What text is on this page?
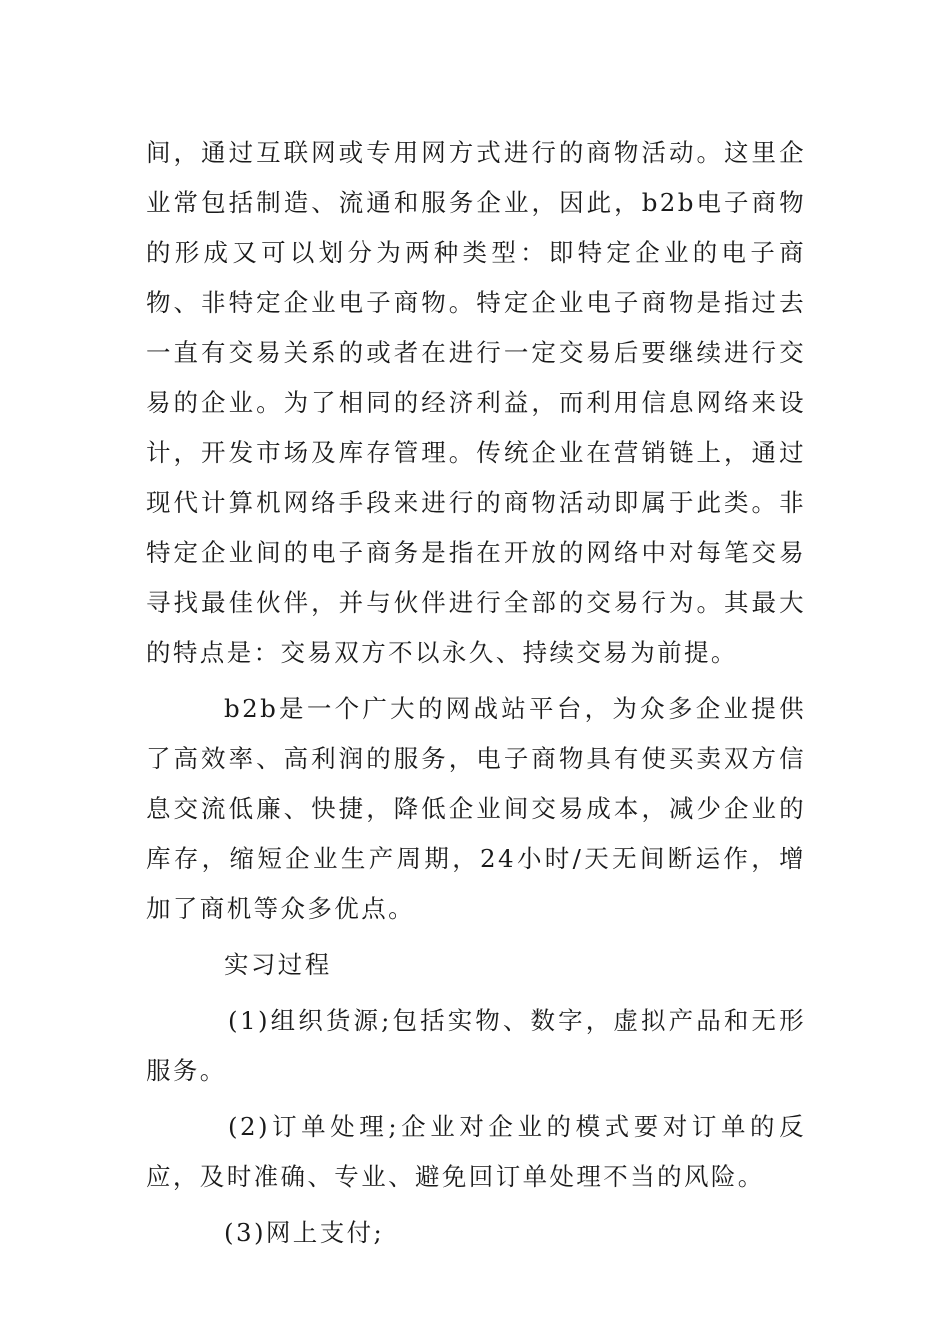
间，通过互联网或专用网方式进行的商物活动。这里企业常包括制造、流通和服务企业，因此，b2b电子商物的形成又可以划分为两种类型：即特定企业的电子商物、非特定企业电子商物。特定企业电子商物是指过去一直有交易关系的或者在进行一定交易后要继续进行交易的企业。为了相同的经济利益，而利用信息网络来设计，开发市场及库存管理。传统企业在营销链上，通过现代计算机网络手段来进行的商物活动即属于此类。非特定企业间的电子商务是指在开放的网络中对每笔交易寻找最佳伙伴，并与伙伴进行全部的交易行为。其最大的特点是：交易双方不以永久、持续交易为前提。

b2b是一个广大的网战站平台，为众多企业提供了高效率、高利润的服务，电子商物具有使买卖双方信息交流低廉、快捷，降低企业间交易成本，减少企业的库存，缩短企业生产周期，24小时/天无间断运作，增加了商机等众多优点。

实习过程

(1)组织货源;包括实物、数字，虚拟产品和无形服务。

(2)订单处理;企业对企业的模式要对订单的反应，及时准确、专业、避免回订单处理不当的风险。

(3)网上支付;
